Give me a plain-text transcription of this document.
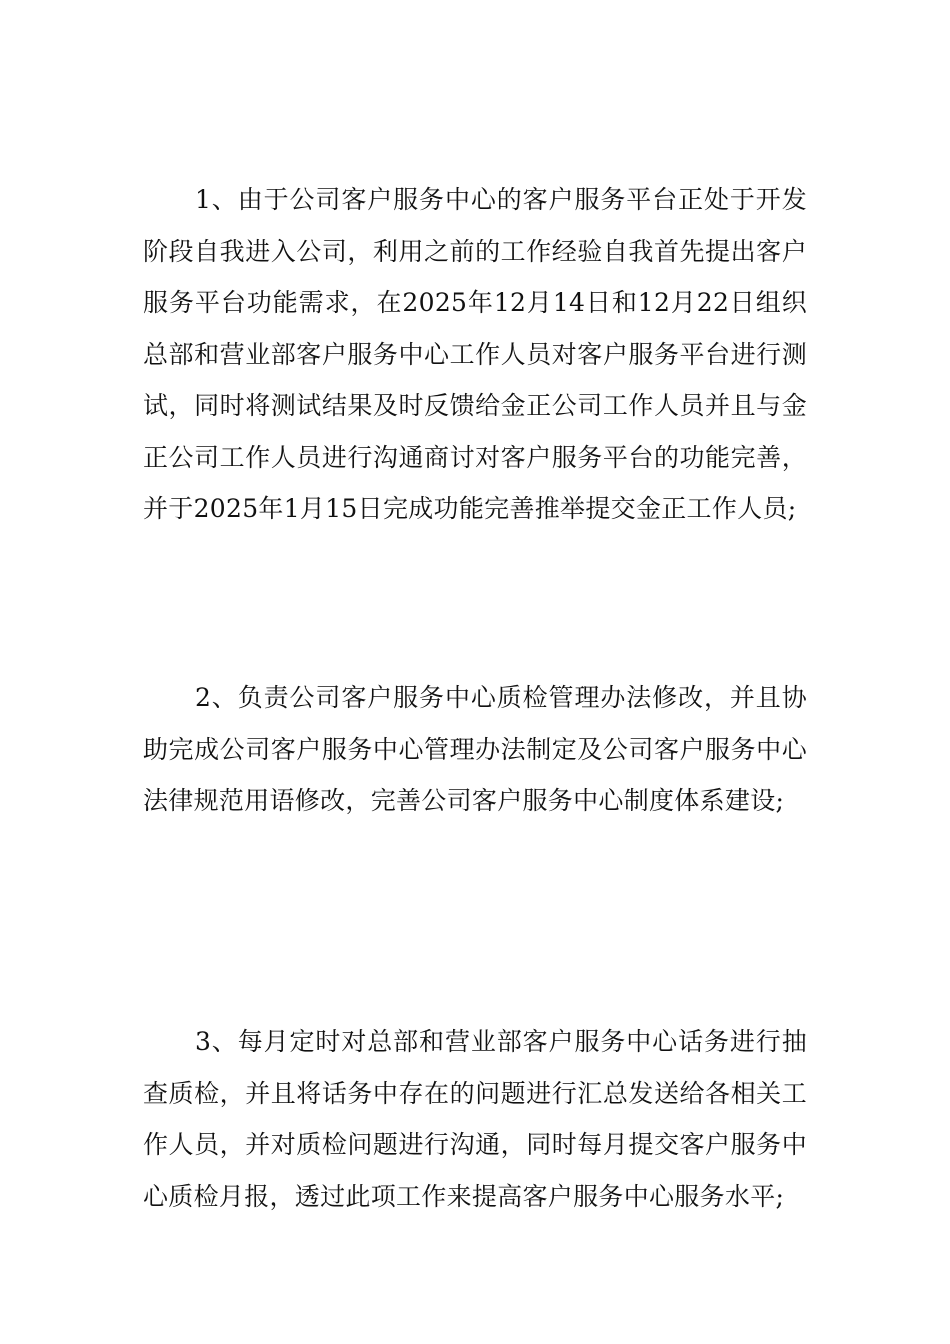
1、由于公司客户服务中心的客户服务平台正处于开发阶段自我进入公司，利用之前的工作经验自我首先提出客户服务平台功能需求，在2025年12月14日和12月22日组织总部和营业部客户服务中心工作人员对客户服务平台进行测试，同时将测试结果及时反馈给金正公司工作人员并且与金正公司工作人员进行沟通商讨对客户服务平台的功能完善，并于2025年1月15日完成功能完善推举提交金正工作人员;

2、负责公司客户服务中心质检管理办法修改，并且协助完成公司客户服务中心管理办法制定及公司客户服务中心法律规范用语修改，完善公司客户服务中心制度体系建设;

3、每月定时对总部和营业部客户服务中心话务进行抽查质检，并且将话务中存在的问题进行汇总发送给各相关工作人员，并对质检问题进行沟通，同时每月提交客户服务中心质检月报，透过此项工作来提高客户服务中心服务水平;
